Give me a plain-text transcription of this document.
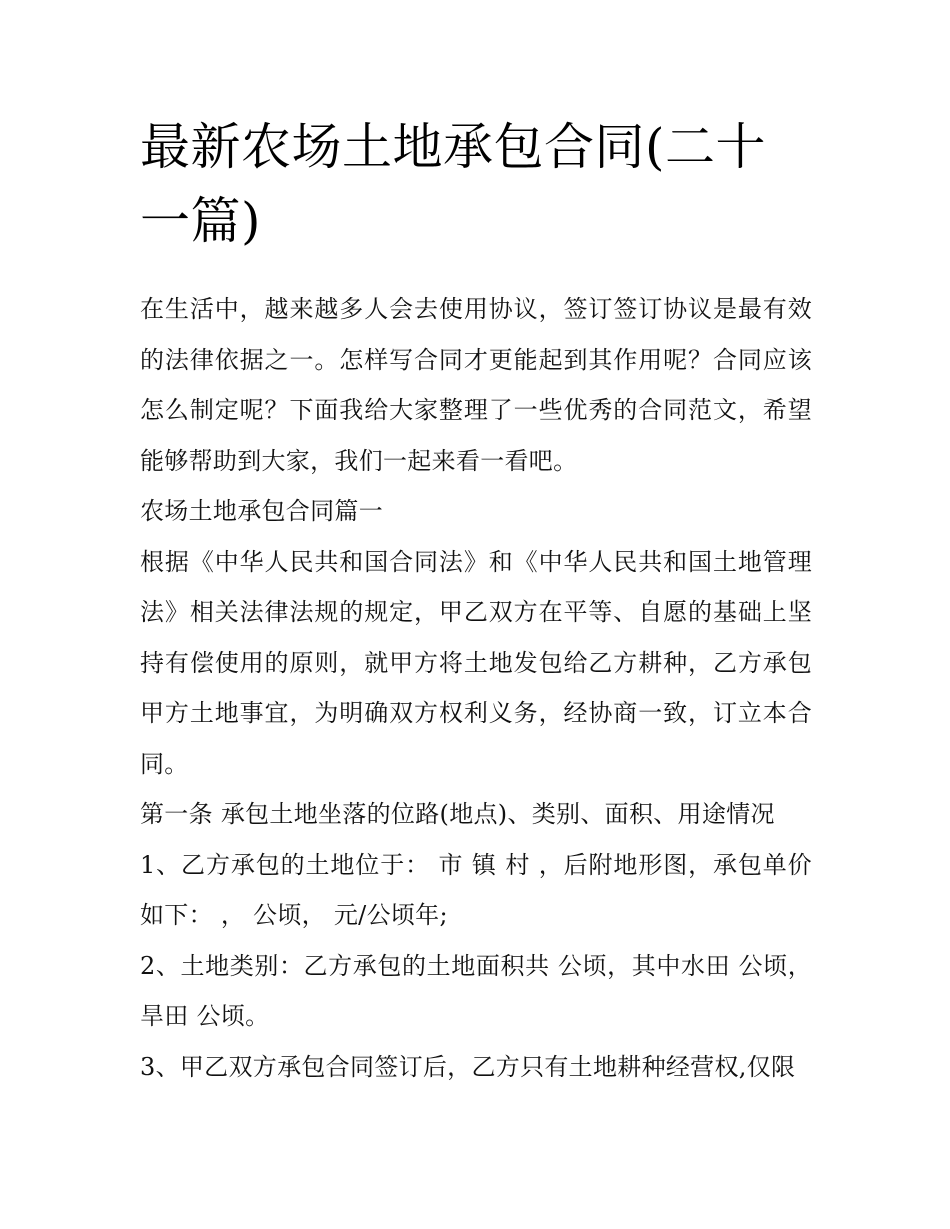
最新农场土地承包合同(二十一篇)

在生活中，越来越多人会去使用协议，签订签订协议是最有效的法律依据之一。怎样写合同才更能起到其作用呢？合同应该怎么制定呢？下面我给大家整理了一些优秀的合同范文，希望能够帮助到大家，我们一起来看一看吧。

农场土地承包合同篇一

根据《中华人民共和国合同法》和《中华人民共和国土地管理法》相关法律法规的规定，甲乙双方在平等、自愿的基础上坚持有偿使用的原则，就甲方将土地发包给乙方耕种，乙方承包甲方土地事宜，为明确双方权利义务，经协商一致，订立本合同。

第一条 承包土地坐落的位路(地点)、类别、面积、用途情况

1、乙方承包的土地位于： 市 镇 村 ，后附地形图，承包单价如下： ， 公顷， 元/公顷年;

2、土地类别：乙方承包的土地面积共 公顷，其中水田 公顷，旱田 公顷。

3、甲乙双方承包合同签订后，乙方只有土地耕种经营权,仅限
